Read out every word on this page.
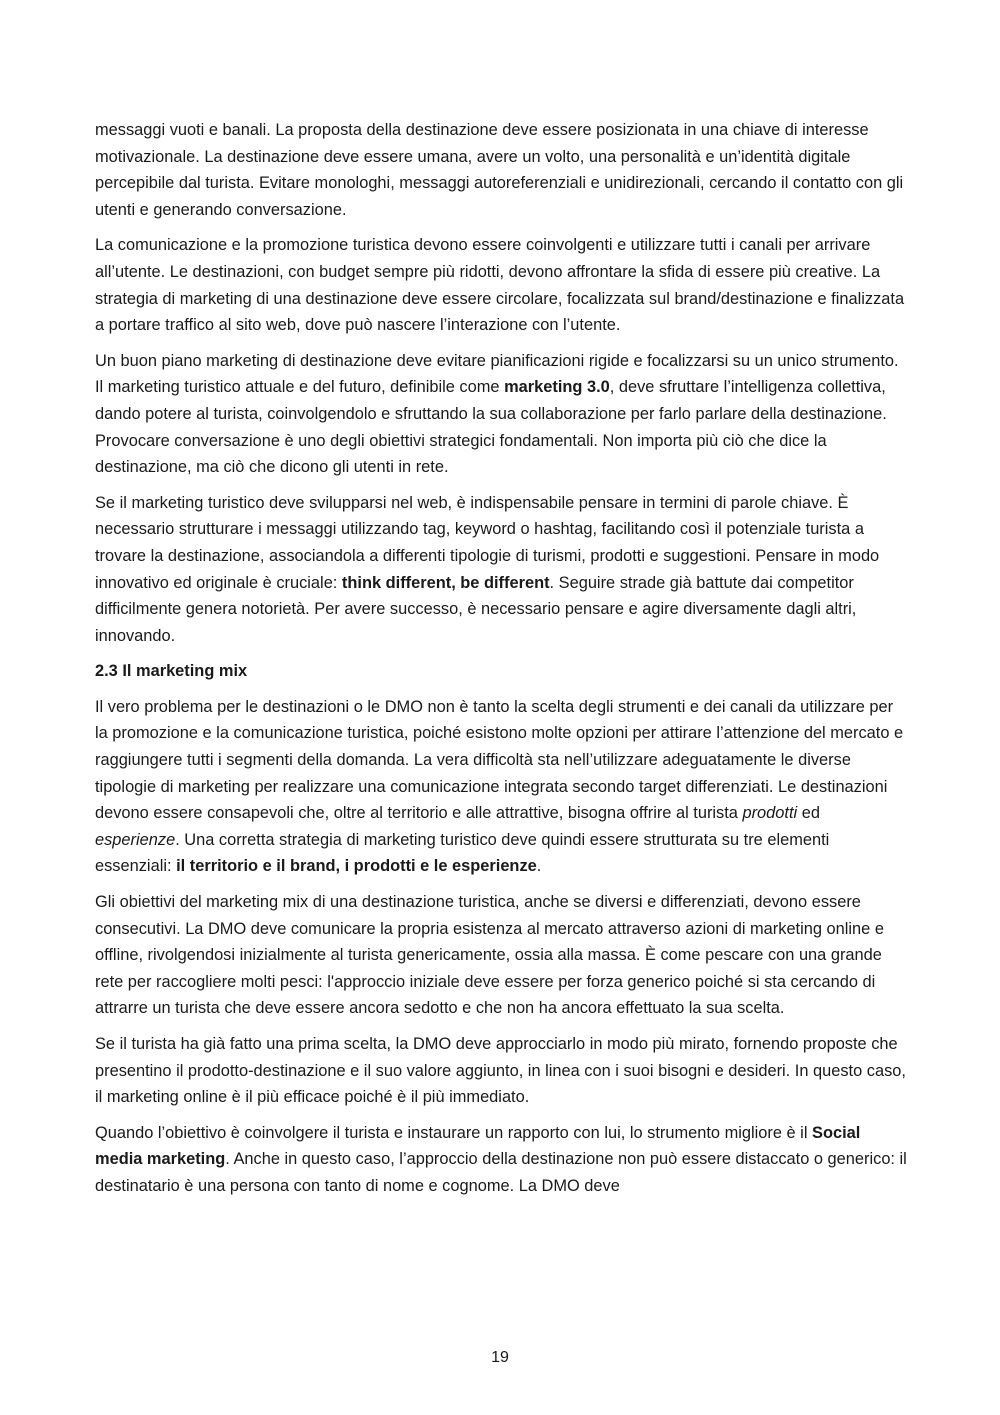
messaggi vuoti e banali. La proposta della destinazione deve essere posizionata in una chiave di interesse motivazionale. La destinazione deve essere umana, avere un volto, una personalità e un’identità digitale percepibile dal turista. Evitare monologhi, messaggi autoreferenziali e unidirezionali, cercando il contatto con gli utenti e generando conversazione.

La comunicazione e la promozione turistica devono essere coinvolgenti e utilizzare tutti i canali per arrivare all’utente. Le destinazioni, con budget sempre più ridotti, devono affrontare la sfida di essere più creative. La strategia di marketing di una destinazione deve essere circolare, focalizzata sul brand/destinazione e finalizzata a portare traffico al sito web, dove può nascere l’interazione con l’utente.

Un buon piano marketing di destinazione deve evitare pianificazioni rigide e focalizzarsi su un unico strumento. Il marketing turistico attuale e del futuro, definibile come marketing 3.0, deve sfruttare l’intelligenza collettiva, dando potere al turista, coinvolgendolo e sfruttando la sua collaborazione per farlo parlare della destinazione. Provocare conversazione è uno degli obiettivi strategici fondamentali. Non importa più ciò che dice la destinazione, ma ciò che dicono gli utenti in rete.

Se il marketing turistico deve svilupparsi nel web, è indispensabile pensare in termini di parole chiave. È necessario strutturare i messaggi utilizzando tag, keyword o hashtag, facilitando così il potenziale turista a trovare la destinazione, associandola a differenti tipologie di turismi, prodotti e suggestioni. Pensare in modo innovativo ed originale è cruciale: think different, be different. Seguire strade già battute dai competitor difficilmente genera notorietà. Per avere successo, è necessario pensare e agire diversamente dagli altri, innovando.

2.3 Il marketing mix

Il vero problema per le destinazioni o le DMO non è tanto la scelta degli strumenti e dei canali da utilizzare per la promozione e la comunicazione turistica, poiché esistono molte opzioni per attirare l’attenzione del mercato e raggiungere tutti i segmenti della domanda. La vera difficoltà sta nell’utilizzare adeguatamente le diverse tipologie di marketing per realizzare una comunicazione integrata secondo target differenziati. Le destinazioni devono essere consapevoli che, oltre al territorio e alle attrattive, bisogna offrire al turista prodotti ed esperienze. Una corretta strategia di marketing turistico deve quindi essere strutturata su tre elementi essenziali: il territorio e il brand, i prodotti e le esperienze.

Gli obiettivi del marketing mix di una destinazione turistica, anche se diversi e differenziati, devono essere consecutivi. La DMO deve comunicare la propria esistenza al mercato attraverso azioni di marketing online e offline, rivolgendosi inizialmente al turista genericamente, ossia alla massa. È come pescare con una grande rete per raccogliere molti pesci: l'approccio iniziale deve essere per forza generico poiché si sta cercando di attrarre un turista che deve essere ancora sedotto e che non ha ancora effettuato la sua scelta.

Se il turista ha già fatto una prima scelta, la DMO deve approcciarlo in modo più mirato, fornendo proposte che presentino il prodotto-destinazione e il suo valore aggiunto, in linea con i suoi bisogni e desideri. In questo caso, il marketing online è il più efficace poiché è il più immediato.

Quando l’obiettivo è coinvolgere il turista e instaurare un rapporto con lui, lo strumento migliore è il Social media marketing. Anche in questo caso, l’approccio della destinazione non può essere distaccato o generico: il destinatario è una persona con tanto di nome e cognome. La DMO deve

19
